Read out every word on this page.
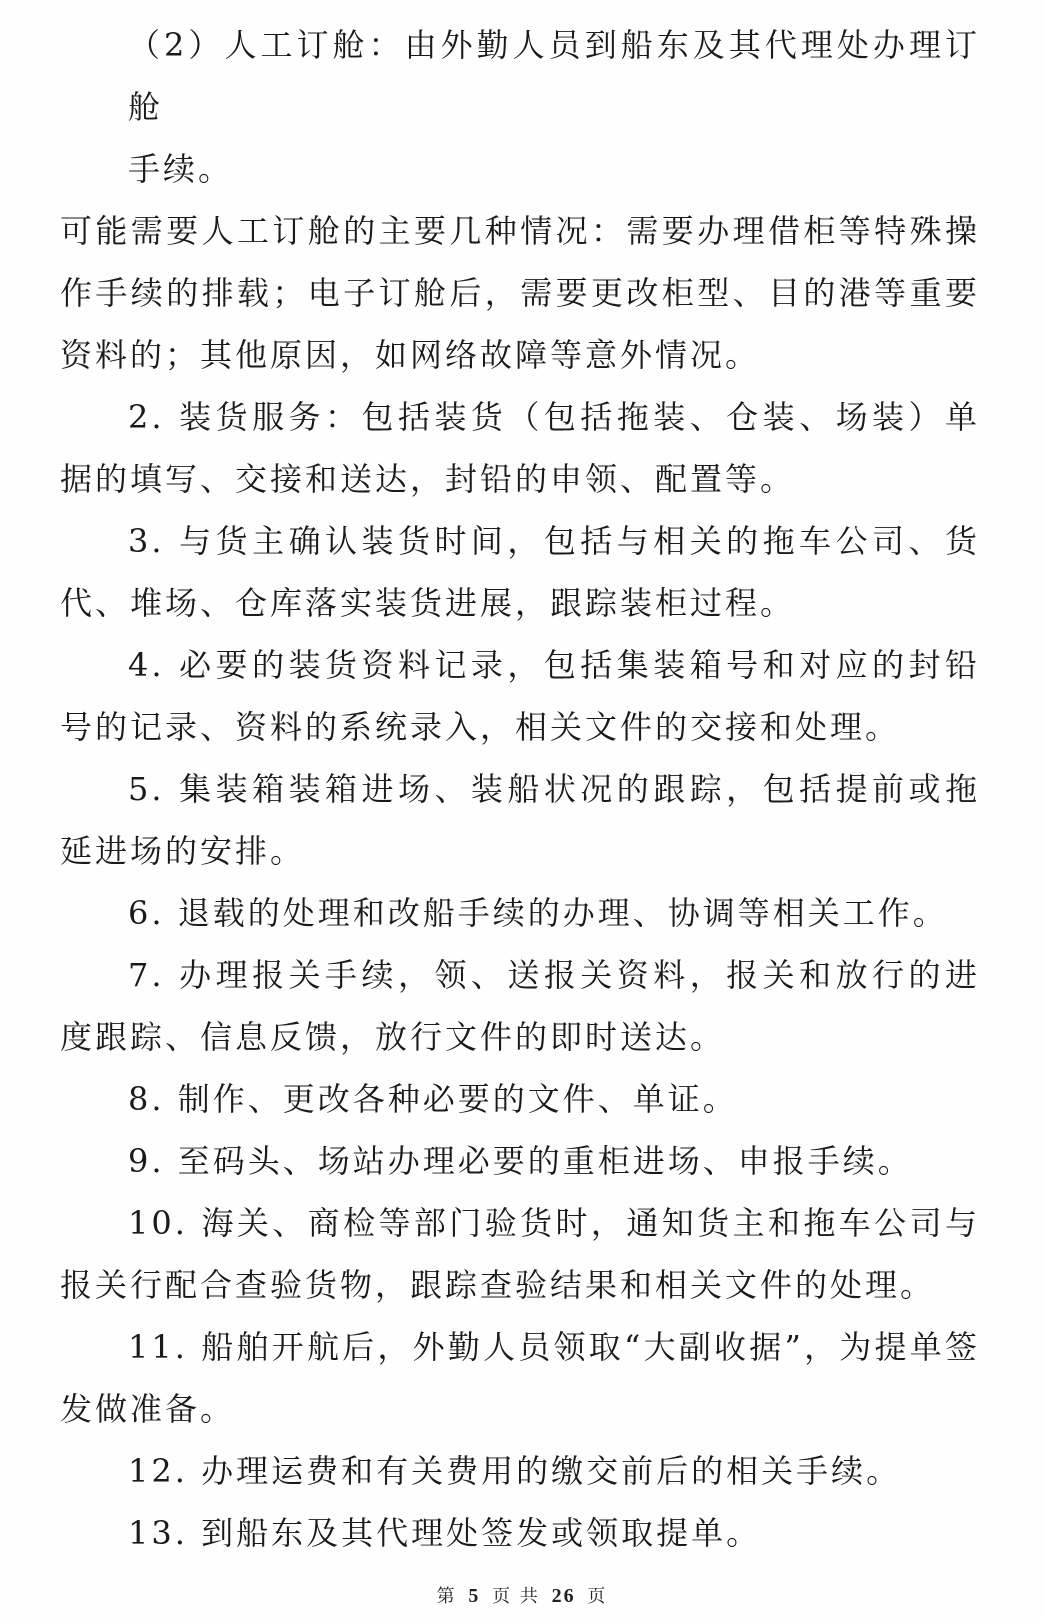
（2）人工订舱：由外勤人员到船东及其代理处办理订舱
手续。

可能需要人工订舱的主要几种情况：需要办理借柜等特殊操作手续的排载；电子订舱后，需要更改柜型、目的港等重要资料的；其他原因，如网络故障等意外情况。

2. 装货服务：包括装货（包括拖装、仓装、场装）单据的填写、交接和送达，封铅的申领、配置等。

3. 与货主确认装货时间，包括与相关的拖车公司、货代、堆场、仓库落实装货进展，跟踪装柜过程。

4. 必要的装货资料记录，包括集装箱号和对应的封铅号的记录、资料的系统录入，相关文件的交接和处理。

5. 集装箱装箱进场、装船状况的跟踪，包括提前或拖延进场的安排。

6. 退载的处理和改船手续的办理、协调等相关工作。

7. 办理报关手续，领、送报关资料，报关和放行的进度跟踪、信息反馈，放行文件的即时送达。

8. 制作、更改各种必要的文件、单证。

9. 至码头、场站办理必要的重柜进场、申报手续。

10. 海关、商检等部门验货时，通知货主和拖车公司与报关行配合查验货物，跟踪查验结果和相关文件的处理。

11. 船舶开航后，外勤人员领取“大副收据”，为提单签发做准备。

12. 办理运费和有关费用的缴交前后的相关手续。

13. 到船东及其代理处签发或领取提单。

第 5 页 共 26 页
